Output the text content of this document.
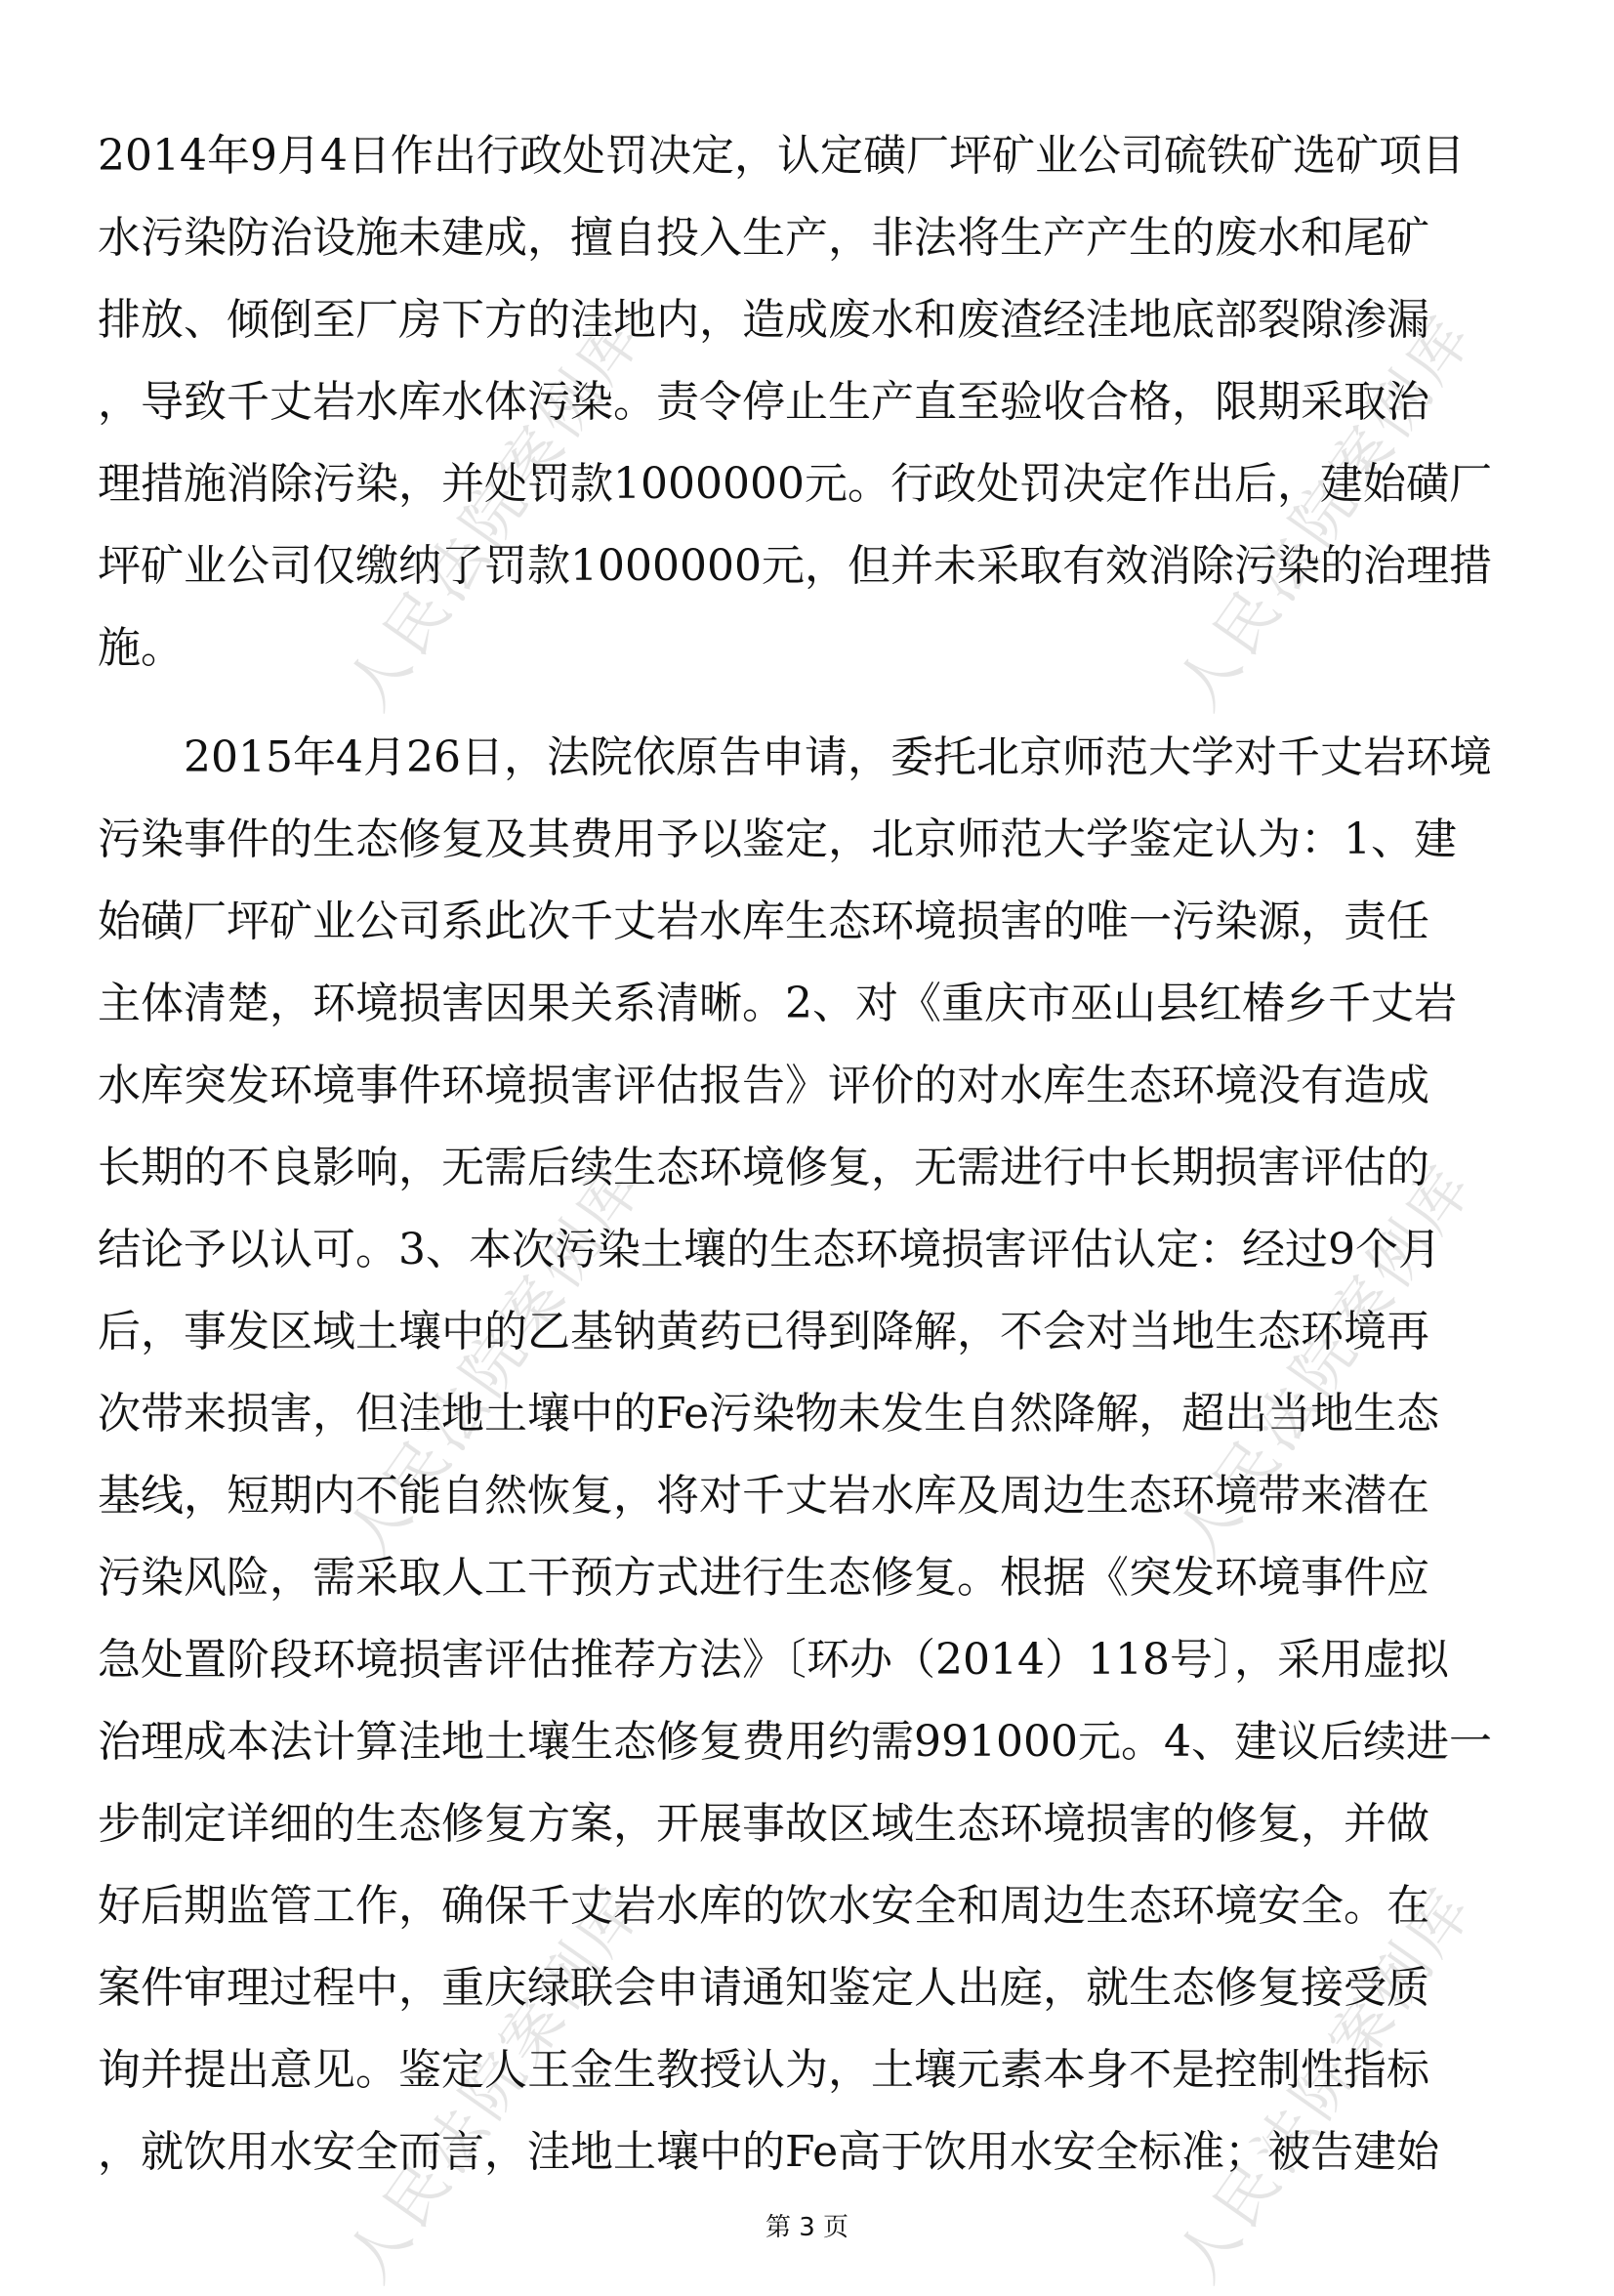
人民法院案例库	人民法院案例库
人民法院案例库	人民法院案例库
人民法院案例库	人民法院案例库
2014年9月4日作出行政处罚决定，认定磺厂坪矿业公司硫铁矿选矿项目
水污染防治设施未建成，擅自投入生产，非法将生产产生的废水和尾矿
排放、倾倒至厂房下方的洼地内，造成废水和废渣经洼地底部裂隙渗漏
，导致千丈岩水库水体污染。责令停止生产直至验收合格，限期采取治
理措施消除污染，并处罚款1000000元。行政处罚决定作出后，建始磺厂
坪矿业公司仅缴纳了罚款1000000元，但并未采取有效消除污染的治理措
施。
　　2015年4月26日，法院依原告申请，委托北京师范大学对千丈岩环境
污染事件的生态修复及其费用予以鉴定，北京师范大学鉴定认为：1、建
始磺厂坪矿业公司系此次千丈岩水库生态环境损害的唯一污染源，责任
主体清楚，环境损害因果关系清晰。2、对《重庆市巫山县红椿乡千丈岩
水库突发环境事件环境损害评估报告》评价的对水库生态环境没有造成
长期的不良影响，无需后续生态环境修复，无需进行中长期损害评估的
结论予以认可。3、本次污染土壤的生态环境损害评估认定：经过9个月
后，事发区域土壤中的乙基钠黄药已得到降解，不会对当地生态环境再
次带来损害，但洼地土壤中的Fe污染物未发生自然降解，超出当地生态
基线，短期内不能自然恢复，将对千丈岩水库及周边生态环境带来潜在
污染风险，需采取人工干预方式进行生态修复。根据《突发环境事件应
急处置阶段环境损害评估推荐方法》〔环办（2014）118号〕，采用虚拟
治理成本法计算洼地土壤生态修复费用约需991000元。4、建议后续进一
步制定详细的生态修复方案，开展事故区域生态环境损害的修复，并做
好后期监管工作，确保千丈岩水库的饮水安全和周边生态环境安全。在
案件审理过程中，重庆绿联会申请通知鉴定人出庭，就生态修复接受质
询并提出意见。鉴定人王金生教授认为，土壤元素本身不是控制性指标
，就饮用水安全而言，洼地土壤中的Fe高于饮用水安全标准；被告建始
第 3 页
